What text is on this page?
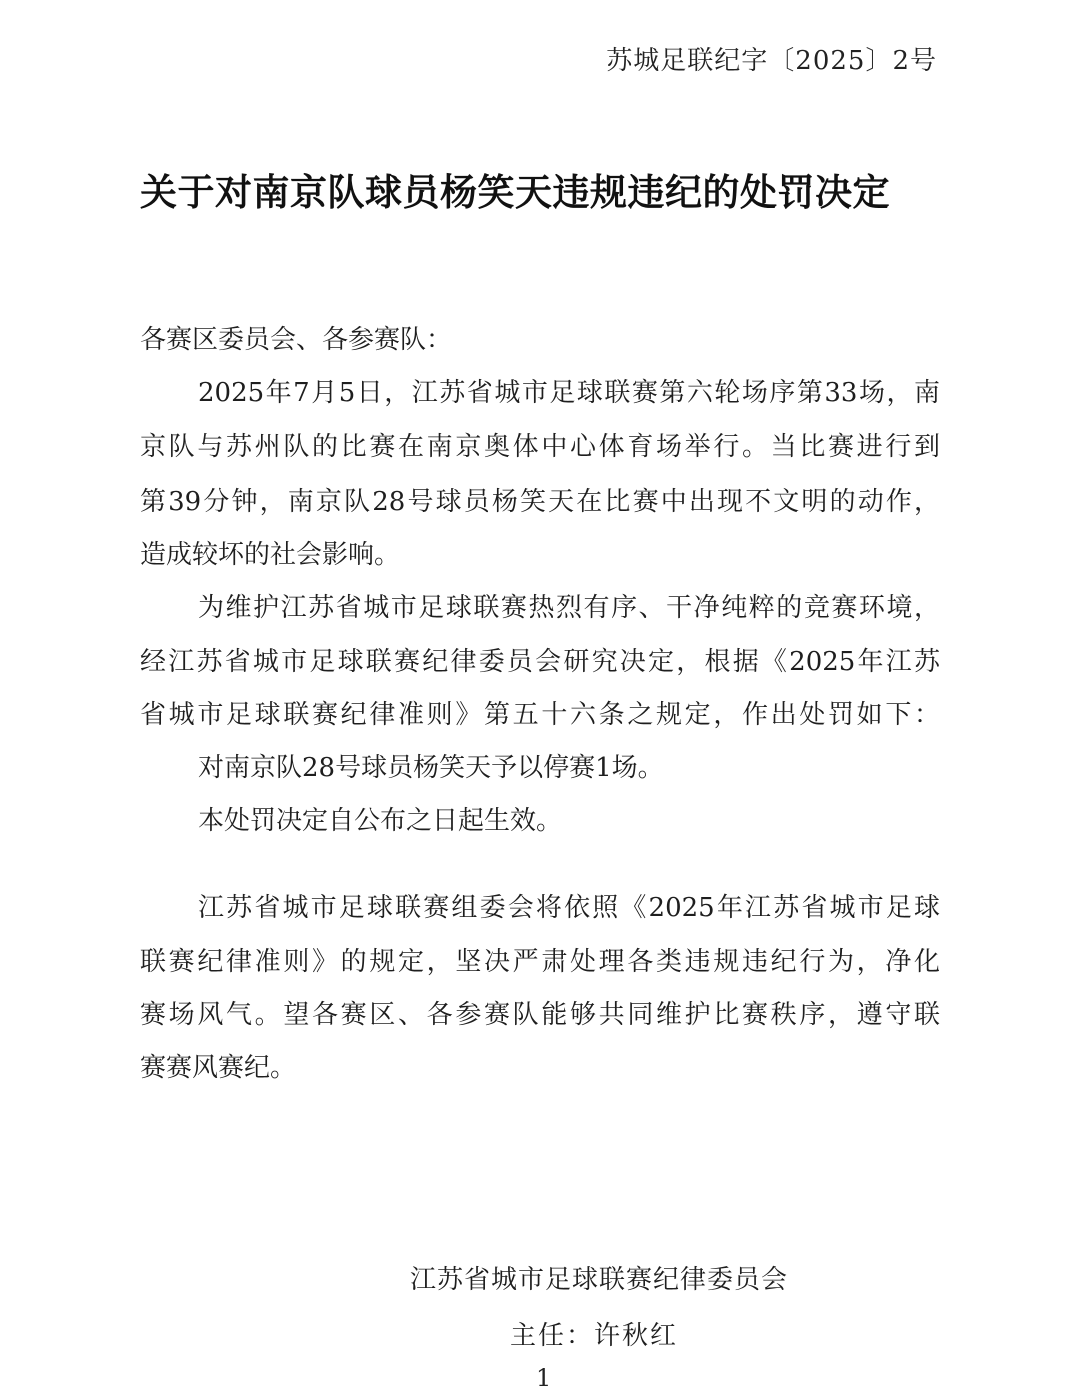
苏城足联纪字〔2025〕2号
关于对南京队球员杨笑天违规违纪的处罚决定
各赛区委员会、各参赛队：
2025年7月5日，江苏省城市足球联赛第六轮场序第33场，南
京队与苏州队的比赛在南京奥体中心体育场举行。当比赛进行到
第39分钟，南京队28号球员杨笑天在比赛中出现不文明的动作，
造成较坏的社会影响。
为维护江苏省城市足球联赛热烈有序、干净纯粹的竞赛环境，
经江苏省城市足球联赛纪律委员会研究决定，根据《2025年江苏
省城市足球联赛纪律准则》第五十六条之规定，作出处罚如下：
对南京队28号球员杨笑天予以停赛1场。
本处罚决定自公布之日起生效。
江苏省城市足球联赛组委会将依照《2025年江苏省城市足球
联赛纪律准则》的规定，坚决严肃处理各类违规违纪行为，净化
赛场风气。望各赛区、各参赛队能够共同维护比赛秩序，遵守联
赛赛风赛纪。
江苏省城市足球联赛纪律委员会
主任：许秋红
1
